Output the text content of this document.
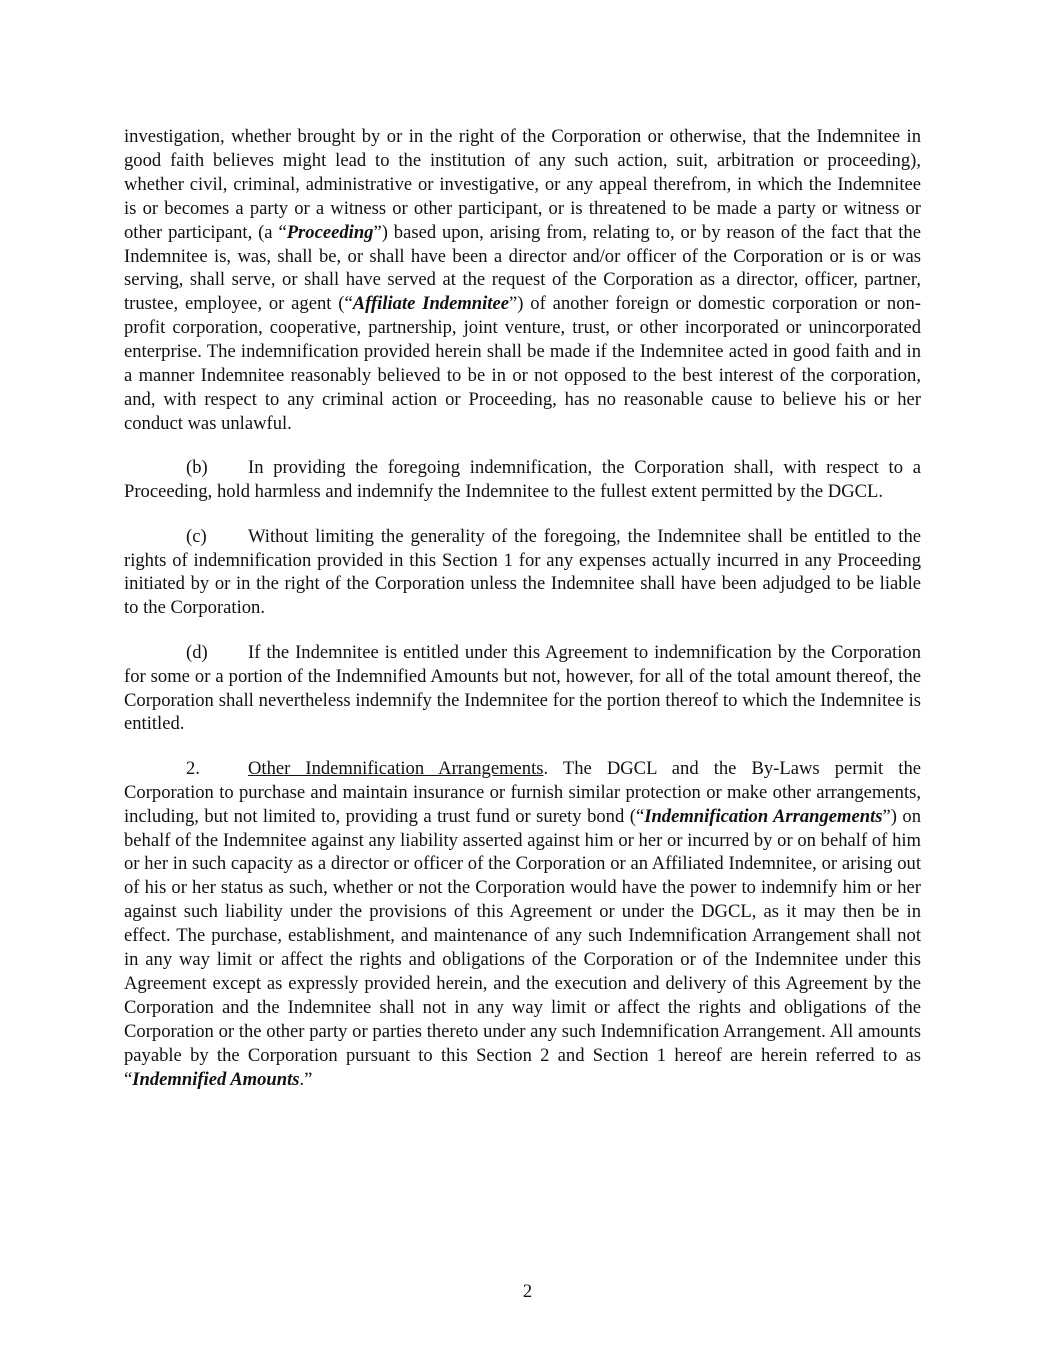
investigation, whether brought by or in the right of the Corporation or otherwise, that the Indemnitee in good faith believes might lead to the institution of any such action, suit, arbitration or proceeding), whether civil, criminal, administrative or investigative, or any appeal therefrom, in which the Indemnitee is or becomes a party or a witness or other participant, or is threatened to be made a party or witness or other participant, (a “Proceeding”) based upon, arising from, relating to, or by reason of the fact that the Indemnitee is, was, shall be, or shall have been a director and/or officer of the Corporation or is or was serving, shall serve, or shall have served at the request of the Corporation as a director, officer, partner, trustee, employee, or agent (“Affiliate Indemnitee”) of another foreign or domestic corporation or non-profit corporation, cooperative, partnership, joint venture, trust, or other incorporated or unincorporated enterprise. The indemnification provided herein shall be made if the Indemnitee acted in good faith and in a manner Indemnitee reasonably believed to be in or not opposed to the best interest of the corporation, and, with respect to any criminal action or Proceeding, has no reasonable cause to believe his or her conduct was unlawful.

(b) In providing the foregoing indemnification, the Corporation shall, with respect to a Proceeding, hold harmless and indemnify the Indemnitee to the fullest extent permitted by the DGCL.

(c) Without limiting the generality of the foregoing, the Indemnitee shall be entitled to the rights of indemnification provided in this Section 1 for any expenses actually incurred in any Proceeding initiated by or in the right of the Corporation unless the Indemnitee shall have been adjudged to be liable to the Corporation.

(d) If the Indemnitee is entitled under this Agreement to indemnification by the Corporation for some or a portion of the Indemnified Amounts but not, however, for all of the total amount thereof, the Corporation shall nevertheless indemnify the Indemnitee for the portion thereof to which the Indemnitee is entitled.

2.	Other Indemnification Arrangements. The DGCL and the By-Laws permit the Corporation to purchase and maintain insurance or furnish similar protection or make other arrangements, including, but not limited to, providing a trust fund or surety bond (“Indemnification Arrangements”) on behalf of the Indemnitee against any liability asserted against him or her or incurred by or on behalf of him or her in such capacity as a director or officer of the Corporation or an Affiliated Indemnitee, or arising out of his or her status as such, whether or not the Corporation would have the power to indemnify him or her against such liability under the provisions of this Agreement or under the DGCL, as it may then be in effect. The purchase, establishment, and maintenance of any such Indemnification Arrangement shall not in any way limit or affect the rights and obligations of the Corporation or of the Indemnitee under this Agreement except as expressly provided herein, and the execution and delivery of this Agreement by the Corporation and the Indemnitee shall not in any way limit or affect the rights and obligations of the Corporation or the other party or parties thereto under any such Indemnification Arrangement. All amounts payable by the Corporation pursuant to this Section 2 and Section 1 hereof are herein referred to as “Indemnified Amounts.”

2
